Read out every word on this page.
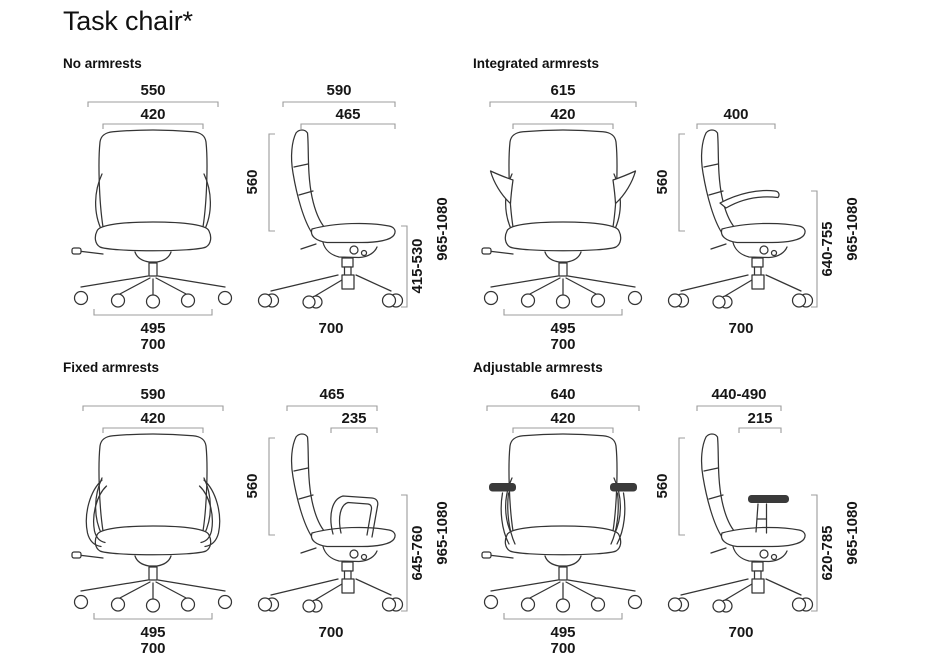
Task chair*
No armrests
550
420
495
700
590
465
560
415-530
965-1080
700
Integrated armrests
615
420
495
700
400
560
640-755 965-1080
700
Fixed armrests
590
420
495
700
465
235
560
645-760 965-1080
700
Adjustable armrests
640
420
495
700
440-490
215
560
620-785 965-1080
700
